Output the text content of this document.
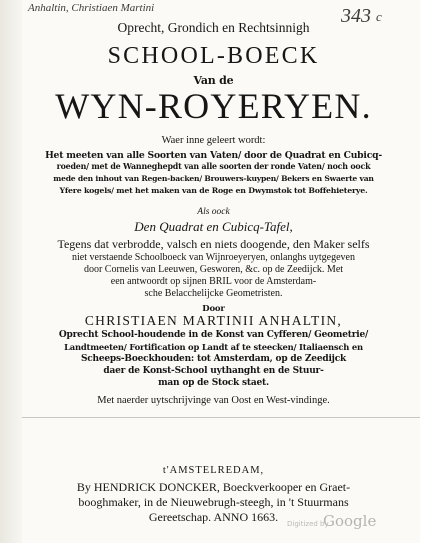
Anhaltin, Christiaen Martini	343 c
Oprecht, Grondich en Rechtsinnigh
SCHOOL-BOECK
Van de
WYN-ROYERYEN.
Waer inne geleert wordt:
Het meeten van alle Soorten van Vaten/ door de Quadrat en Cubicq-
roeden/ met de Wanneghepdt van alle soorten der ronde Vaten/ noch oock
mede den inhout van Regen-backen/ Brouwers-kuypen/ Bekers en Swaerte van
Yfere kogels/ met het maken van de Roge en Dwymstok tot Boffehieterye.
Als oock
Den Quadrat en Cubicq-Tafel,
Tegens dat verbrodde, valsch en niets doogende, den Maker selfs
niet verstaende Schoolboeck van Wijnroeyeryen, onlanghs uytgegeven
door Cornelis van Leeuwen, Gesworen, &c. op de Zeedijck. Met
een antwoordt op sijnen BRIL voor de Amsterdam-
sche Belacchelijcke Geometristen.
Door
CHRISTIAEN MARTINII ANHALTIN,
Oprecht School-houdende in de Konst van Cyfferen/ Geometrie/
Landtmeeten/ Fortification op Landt af te steecken/ Italiaensch en
Scheeps-Boeckhouden: tot Amsterdam, op de Zeedijck
daer de Konst-School uythanght en de Stuur-
man op de Stock staet.
Met naerder uytschrijvinge van Oost en West-vindinge.
t'AMSTELREDAM,
By HENDRICK DONCKER, Boeckverkooper en Graet-
booghmaker, in de Nieuwebrugh-steegh, in 't Stuurmans
Gereetschap. ANNO 1663.	Digitized by
Google
